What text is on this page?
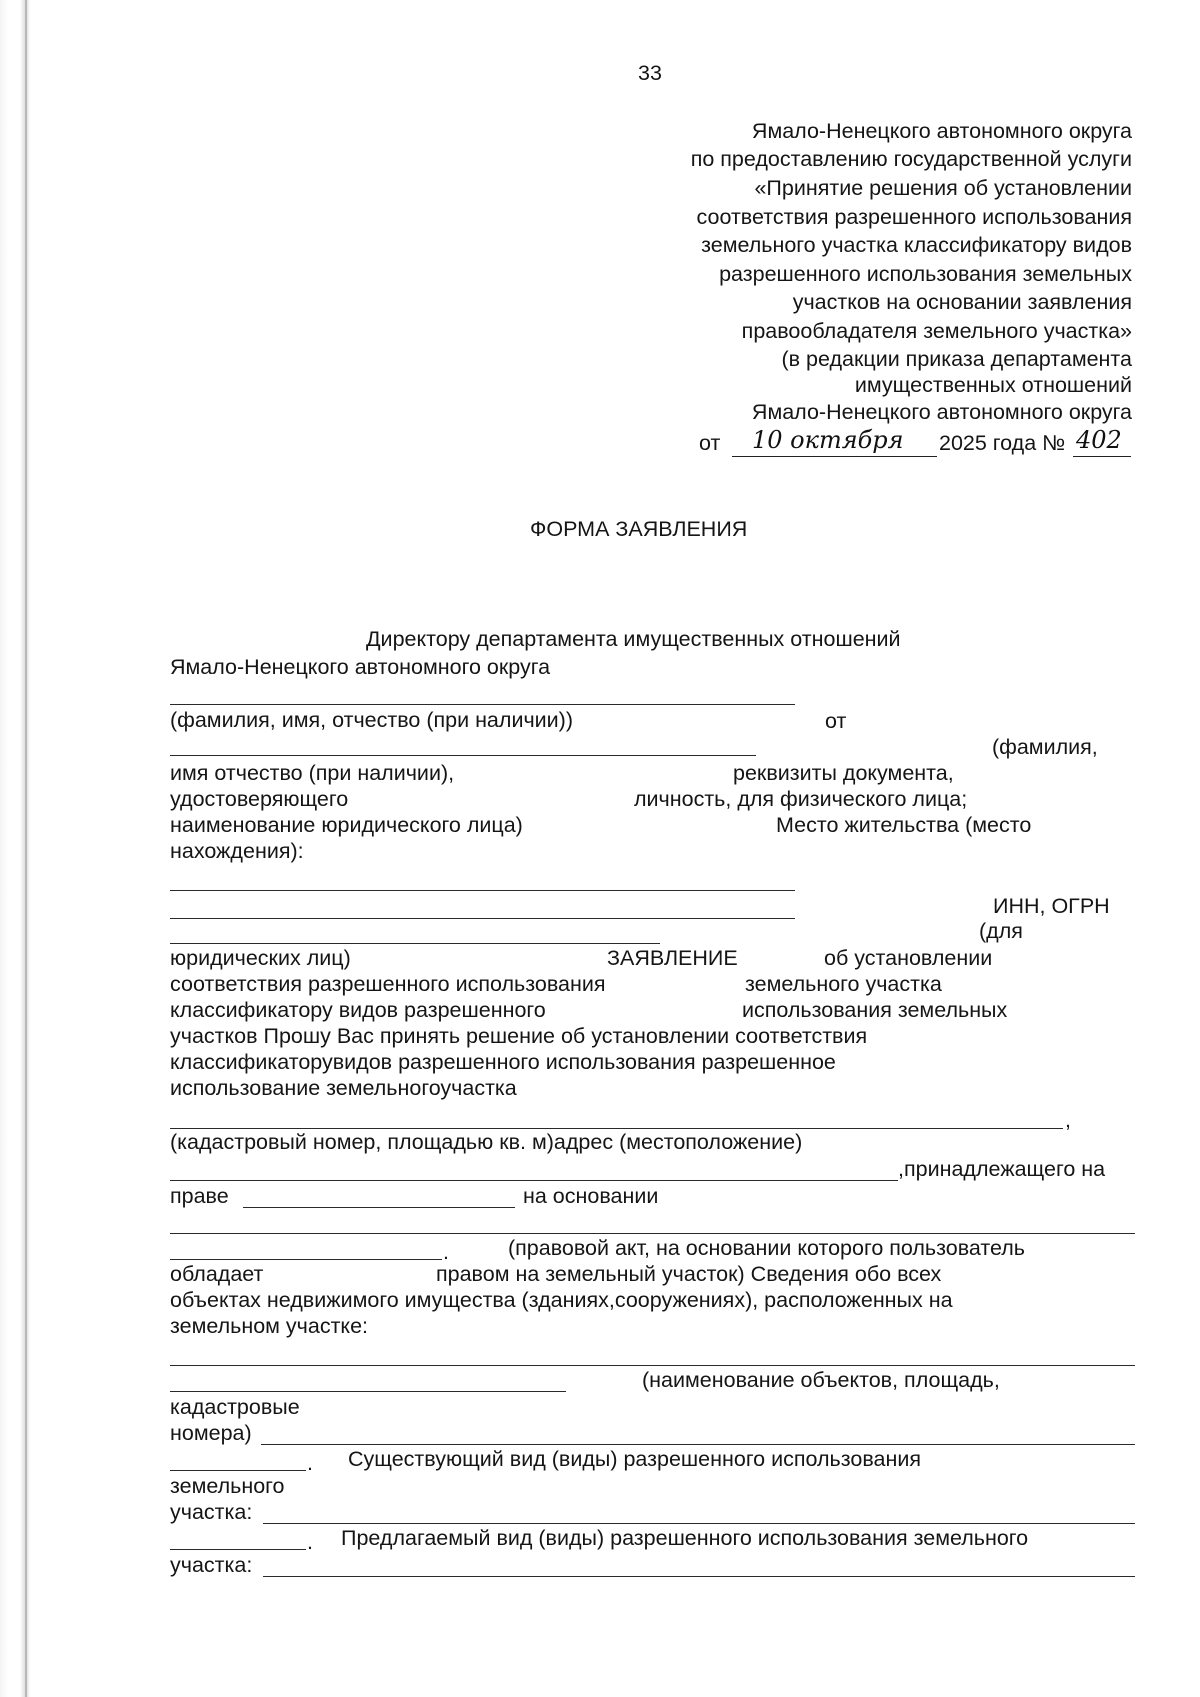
33
Ямало-Ненецкого автономного округа
по предоставлению государственной услуги
«Принятие решения об установлении
соответствия разрешенного использования
земельного участка классификатору видов
разрешенного использования земельных
участков на основании заявления
правообладателя земельного участка»
(в редакции приказа департамента
имущественных отношений
Ямало-Ненецкого автономного округа
от 10 октября 2025 года № 402
ФОРМА ЗАЯВЛЕНИЯ
Директору департамента имущественных отношений
Ямало-Ненецкого автономного округа
(фамилия, имя, отчество (при наличии))	от
(фамилия,
имя отчество (при наличии),	реквизиты документа,
удостоверяющего	личность, для физического лица;
наименование юридического лица)	Место жительства (место
нахождения):
ИНН, ОГРН
(для
юридических лиц)	ЗАЯВЛЕНИЕ	об установлении
соответствия разрешенного использования	земельного участка
классификатору видов разрешенного	использования земельных
участков Прошу Вас принять решение об установлении соответствия
классификаторувидов разрешенного использования разрешенное
использование земельногоучастка
,
(кадастровый номер, площадью кв. м)адрес (местоположение)
,принадлежащего на
праве	на основании
.	(правовой акт, на основании которого пользователь
обладает	правом на земельный участок) Сведения обо всех
объектах недвижимого имущества (зданиях,сооружениях), расположенных на
земельном участке:
(наименование объектов, площадь,
кадастровые
номера)
. Существующий вид (виды) разрешенного использования
земельного
участка:
. Предлагаемый вид (виды) разрешенного использования земельного
участка:
